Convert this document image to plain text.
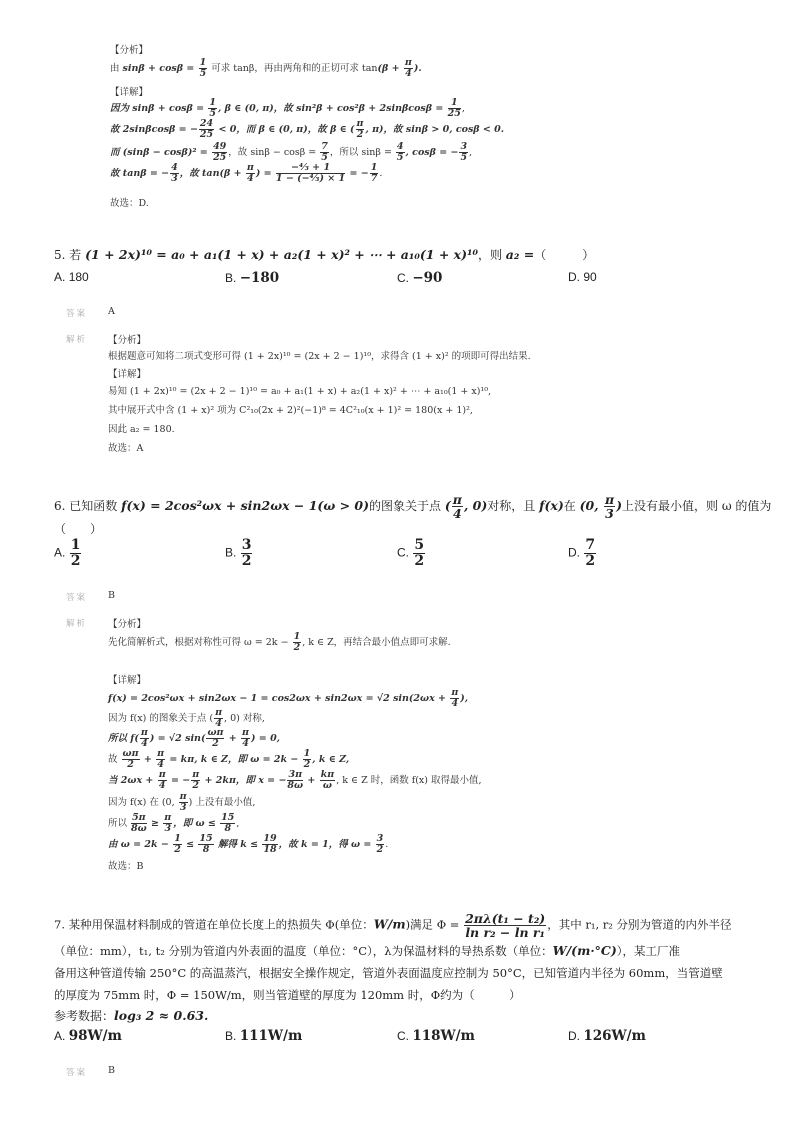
【分析】
由 $\sin\beta + \cos\beta = \frac{1}{5}$ 可求 tanβ，再由两角和的正切可求 $\tan(\beta + \frac{\pi}{4}$ ).
【详解】
因为 $\sin\beta + \cos\beta = \frac{1}{5}$ , β ∈ (0, π)，故 $\sin^2\beta + \cos^2\beta + 2\sin\beta\cos\beta = \frac{1}{25}$ ,
故 2sinβcosβ = − $\frac{24}{25} < 0$，而 β ∈ (0, π)，故 β ∈ ( $\frac{\pi}{2}$ , π)，故 sinβ > 0, cosβ < 0.
而 $(\sin\beta - \cos\beta)^2 = \frac{49}{25}$ ，故 $\sin\beta - \cos\beta = \frac{7}{5}$ ，所以 $\sin\beta = \frac{4}{5}$ , cosβ = − $\frac{3}{5}$ ,
故 tanβ = − $\frac{4}{3}$ ，故 $\tan(\beta + \frac{\pi}{4}$ ) = $\frac{\text{−⁴⁄₃ + 1}}{\text{1 − (−⁴⁄₃) × 1}}$ = − $\frac{1}{7}$ .
故选：D.
5. 若 (1 + 2x)¹⁰ = a₀ + a₁(1 + x) + a₂(1 + x)² + ⋯ + a₁₀(1 + x)¹⁰，则 a₂ =（　　　）
A. 180	B. −180	C. −90	D. 90
答案 A
解析 【分析】
根据题意可知将二项式变形可得 (1 + 2x)¹⁰ = (2x + 2 − 1)¹⁰，求得含 (1 + x)² 的项即可得出结果.
【详解】
易知 (1 + 2x)¹⁰ = (2x + 2 − 1)¹⁰ = a₀ + a₁(1 + x) + a₂(1 + x)² + ⋯ + a₁₀(1 + x)¹⁰,
其中展开式中含 (1 + x)² 项为 C²₁₀(2x + 2)²(−1)⁸ = 4C²₁₀(x + 1)² = 180(x + 1)²,
因此 a₂ = 180.
故选：A
6. 已知函数 f(x) = 2cos²ωx + sin2ωx − 1(ω > 0)的图象关于点 ( $\frac{\pi}{4}$ , 0)对称，且 f(x)在 (0, $\frac{\pi}{3}$ )上没有最小值，则 ω 的值为
（　　）
A. $\frac{1}{2}$	B. $\frac{3}{2}$	C. $\frac{5}{2}$	D. $\frac{7}{2}$
答案 B
解析 【分析】
先化简解析式，根据对称性可得 $\omega = 2k - \frac{1}{2}$ , k ∈ Z，再结合最小值点即可求解.
【详解】
f(x) = 2cos²ωx + sin2ωx − 1 = cos2ωx + sin2ωx = √2 $\sin(2\omega x + \frac{\pi}{4}$ ),
因为 f(x) 的图象关于点 ( $\frac{\pi}{4}$ , 0) 对称,
所以 $f( \frac{\pi}{4}$ ) = √2 $\sin( \frac{\omega\pi}{2} + \frac{\pi}{4}$ ) = 0,
故 $\frac{\omega\pi}{2} + \frac{\pi}{4} = k\pi$, k ∈ Z，即 $\omega = 2k - \frac{1}{2}$ , k ∈ Z,
当 $2\omega x + \frac{\pi}{4}$ = − $\frac{\pi}{2} + 2k\pi$，即 x = − $\frac{3\pi}{8\omega} + \frac{k\pi}{\omega}$ , k ∈ Z 时，函数 f(x) 取得最小值,
因为 f(x) 在 (0, $\frac{\pi}{3}$ ) 上没有最小值,
所以 $\frac{5\pi}{8\omega} \ge \frac{\pi}{3}$ ，即 $\omega \le \frac{15}{8}$ ,
由 $\omega = 2k - \frac{1}{2} \le \frac{15}{8}$ 解得 $k \le \frac{19}{18}$ ，故 k = 1，得 $\omega = \frac{3}{2}$ .
故选：B
7. 某种用保温材料制成的管道在单位长度上的热损失 Φ(单位：W/m)满足 $\Phi = \frac{\text{2πλ(t₁ − t₂)}}{\text{ln r₂ − ln r₁}}$ ，其中 r₁, r₂ 分别为管道的内外半径
（单位：mm），t₁, t₂ 分别为管道内外表面的温度（单位：°C），λ为保温材料的导热系数（单位：W/(m·°C)），某工厂准
备用这种管道传输 250°C 的高温蒸汽，根据安全操作规定，管道外表面温度应控制为 50°C，已知管道内半径为 60mm，当管道壁
的厚度为 75mm 时，Φ = 150W/m，则当管道壁的厚度为 120mm 时，Φ约为（　　　）
参考数据：log₃ 2 ≈ 0.63.
A. 98W/m	B. 111W/m	C. 118W/m	D. 126W/m
答案 B
